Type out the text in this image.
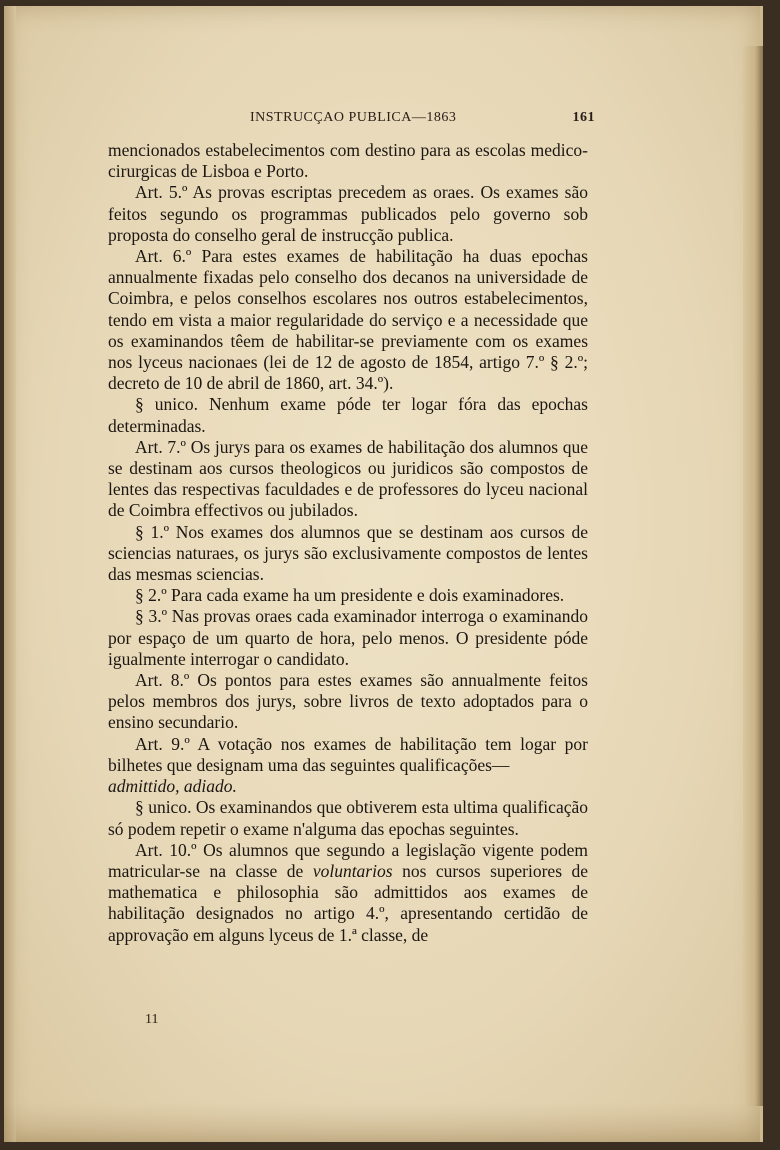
INSTRUCÇAO PUBLICA—1863	161

mencionados estabelecimentos com destino para as escolas medico-cirurgicas de Lisboa e Porto.

Art. 5.º As provas escriptas precedem as oraes. Os exames são feitos segundo os programmas publicados pelo governo sob proposta do conselho geral de instrucção publica.

Art. 6.º Para estes exames de habilitação ha duas epochas annualmente fixadas pelo conselho dos decanos na universidade de Coimbra, e pelos conselhos escolares nos outros estabelecimentos, tendo em vista a maior regularidade do serviço e a necessidade que os examinandos têem de habilitar-se previamente com os exames nos lyceus nacionaes (lei de 12 de agosto de 1854, artigo 7.º § 2.º; decreto de 10 de abril de 1860, art. 34.º).

§ unico. Nenhum exame póde ter logar fóra das epochas determinadas.

Art. 7.º Os jurys para os exames de habilitação dos alumnos que se destinam aos cursos theologicos ou juridicos são compostos de lentes das respectivas faculdades e de professores do lyceu nacional de Coimbra effectivos ou jubilados.

§ 1.º Nos exames dos alumnos que se destinam aos cursos de sciencias naturaes, os jurys são exclusivamente compostos de lentes das mesmas sciencias.

§ 2.º Para cada exame ha um presidente e dois examinadores.

§ 3.º Nas provas oraes cada examinador interroga o examinando por espaço de um quarto de hora, pelo menos. O presidente póde igualmente interrogar o candidato.

Art. 8.º Os pontos para estes exames são annualmente feitos pelos membros dos jurys, sobre livros de texto adoptados para o ensino secundario.

Art. 9.º A votação nos exames de habilitação tem logar por bilhetes que designam uma das seguintes qualificações—
admittido, adiado.

§ unico. Os examinandos que obtiverem esta ultima qualificação só podem repetir o exame n'alguma das epochas seguintes.

Art. 10.º Os alumnos que segundo a legislação vigente podem matricular-se na classe de voluntarios nos cursos superiores de mathematica e philosophia são admittidos aos exames de habilitação designados no artigo 4.º, apresentando certidão de approvação em alguns lyceus de 1.ª classe, de

11
